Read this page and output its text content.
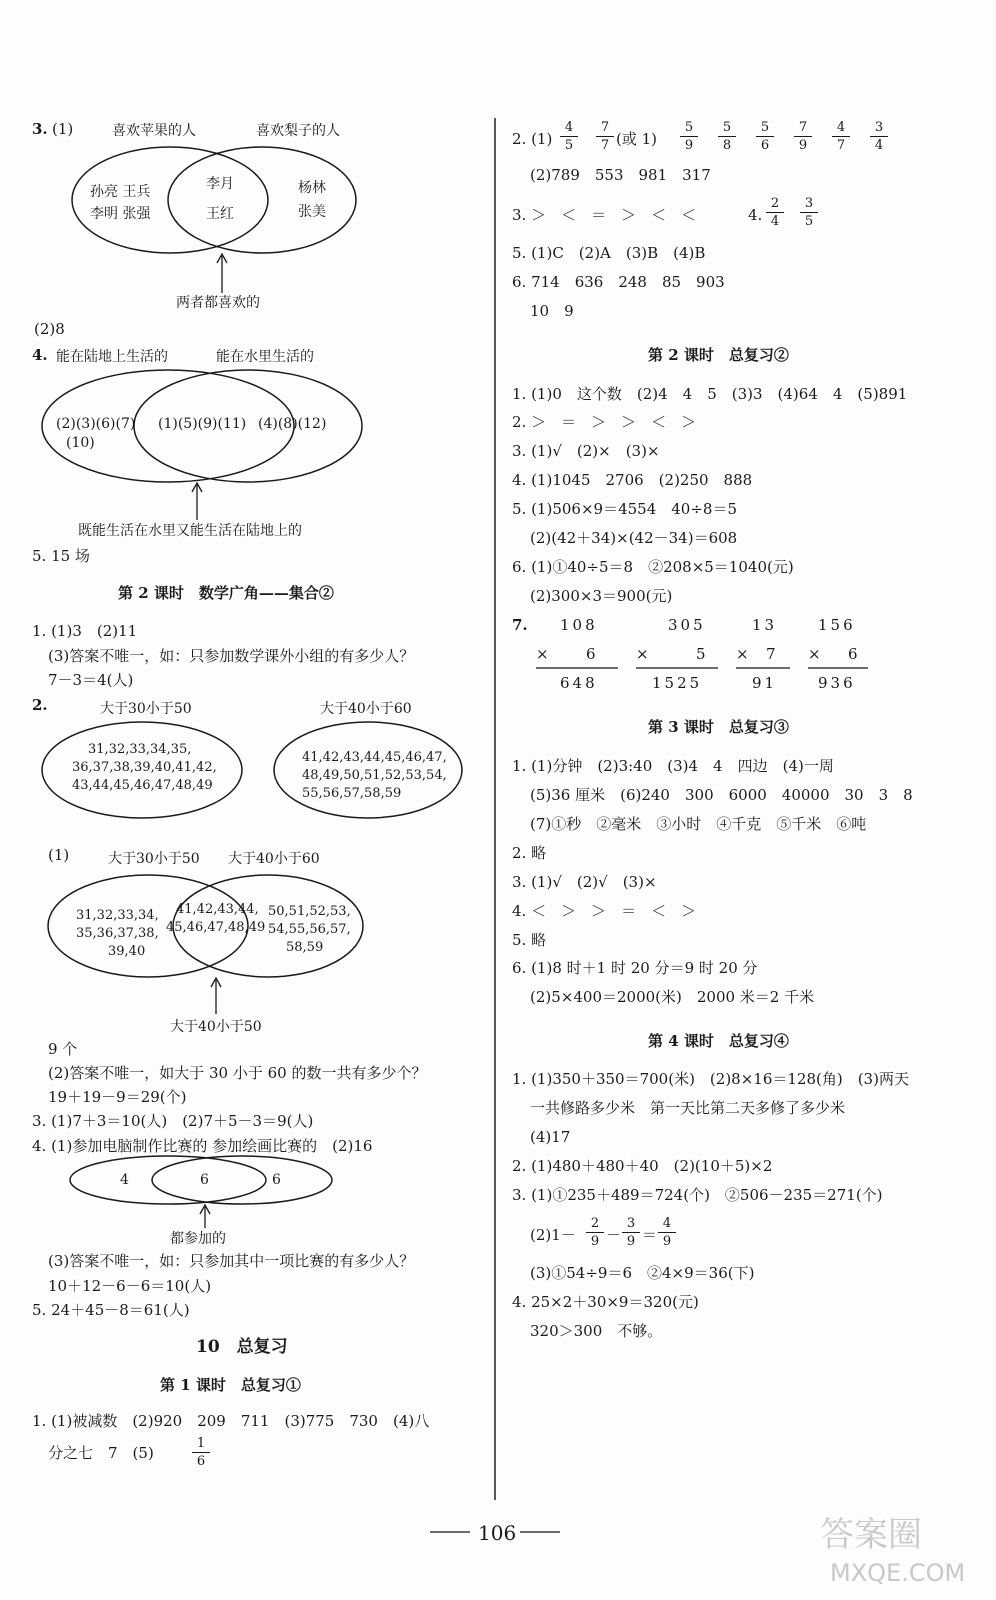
3. (1)	喜欢苹果的人	喜欢梨子的人
孙亮 王兵
李明 张强
李月
王红
杨林
张美
两者都喜欢的
(2)8
4. 能在陆地上生活的	能在水里生活的
(2)(3)(6)(7)
(10)
(1)(5)(9)(11) (4)(8)(12)
既能生活在水里又能生活在陆地上的
5. 15 场
第 2 课时　数学广角——集合②
1. (1)3　(2)11
(3)答案不唯一，如：只参加数学课外小组的有多少人？
7－3＝4(人)
2.	大于30小于50	大于40小于60
31,32,33,34,35,
36,37,38,39,40,41,42,
43,44,45,46,47,48,49
41,42,43,44,45,46,47,
48,49,50,51,52,53,54,
55,56,57,58,59
(1)	大于30小于50 大于40小于60
31,32,33,34,
35,36,37,38,
39,40
41,42,43,44,
45,46,47,48,49
50,51,52,53,
54,55,56,57,
58,59
大于40小于50
9 个
(2)答案不唯一，如大于 30 小于 60 的数一共有多少个？
19＋19－9＝29(个)
3. (1)7＋3＝10(人)　(2)7＋5－3＝9(人)
4. (1)参加电脑制作比赛的 参加绘画比赛的　(2)16
4	6	6
都参加的
(3)答案不唯一，如：只参加其中一项比赛的有多少人？
10＋12－6－6＝10(人)
5. 24＋45－8＝61(人)
10　总复习
第 1 课时　总复习①
1. (1)被减数　(2)920　209　711　(3)775　730　(4)八
分之七　7　(5)
1
6
2. (1)
4
5
7
7 (或 1)
5
9
5
8
5
6
7
9
4
7
3
4
(2)789　553　981　317
3. ＞　＜　＝　＞　＜　＜	4.
2
4
3
5
5. (1)C　(2)A　(3)B　(4)B
6. 714　636　248　85　903
10　9
第 2 课时　总复习②
1. (1)0　这个数　(2)4　4　5　(3)3　(4)64　4　(5)891
2. ＞　＝　＞　＞　＜　＞
3. (1)√　(2)×　(3)×
4. (1)1045　2706　(2)250　888
5. (1)506×9＝4554　40÷8＝5
(2)(42＋34)×(42－34)＝608
6. (1)①40÷5＝8　②208×5＝1040(元)
(2)300×3＝900(元)
7. 108
× 6
648
305
×	5
1525
13
× 7
91
156
× 6
936
第 3 课时　总复习③
1. (1)分钟　(2)3:40　(3)4　4　四边　(4)一周
(5)36 厘米　(6)240　300　6000　40000　30　3　8
(7)①秒　②毫米　③小时　④千克　⑤千米　⑥吨
2. 略
3. (1)√　(2)√　(3)×
4. ＜　＞　＞　＝　＜　＞
5. 略
6. (1)8 时＋1 时 20 分＝9 时 20 分
(2)5×400＝2000(米)　2000 米＝2 千米
第 4 课时　总复习④
1. (1)350＋350＝700(米)　(2)8×16＝128(角)　(3)两天
一共修路多少米　第一天比第二天多修了多少米
(4)17
2. (1)480＋480＋40　(2)(10＋5)×2
3. (1)①235＋489＝724(个)　②506－235＝271(个)
(2)1－
2
9 －
3
9 ＝
4
9
(3)①54÷9＝6　②4×9＝36(下)
4. 25×2＋30×9＝320(元)
320＞300　不够。
106	答案圈
MXQE.COM
